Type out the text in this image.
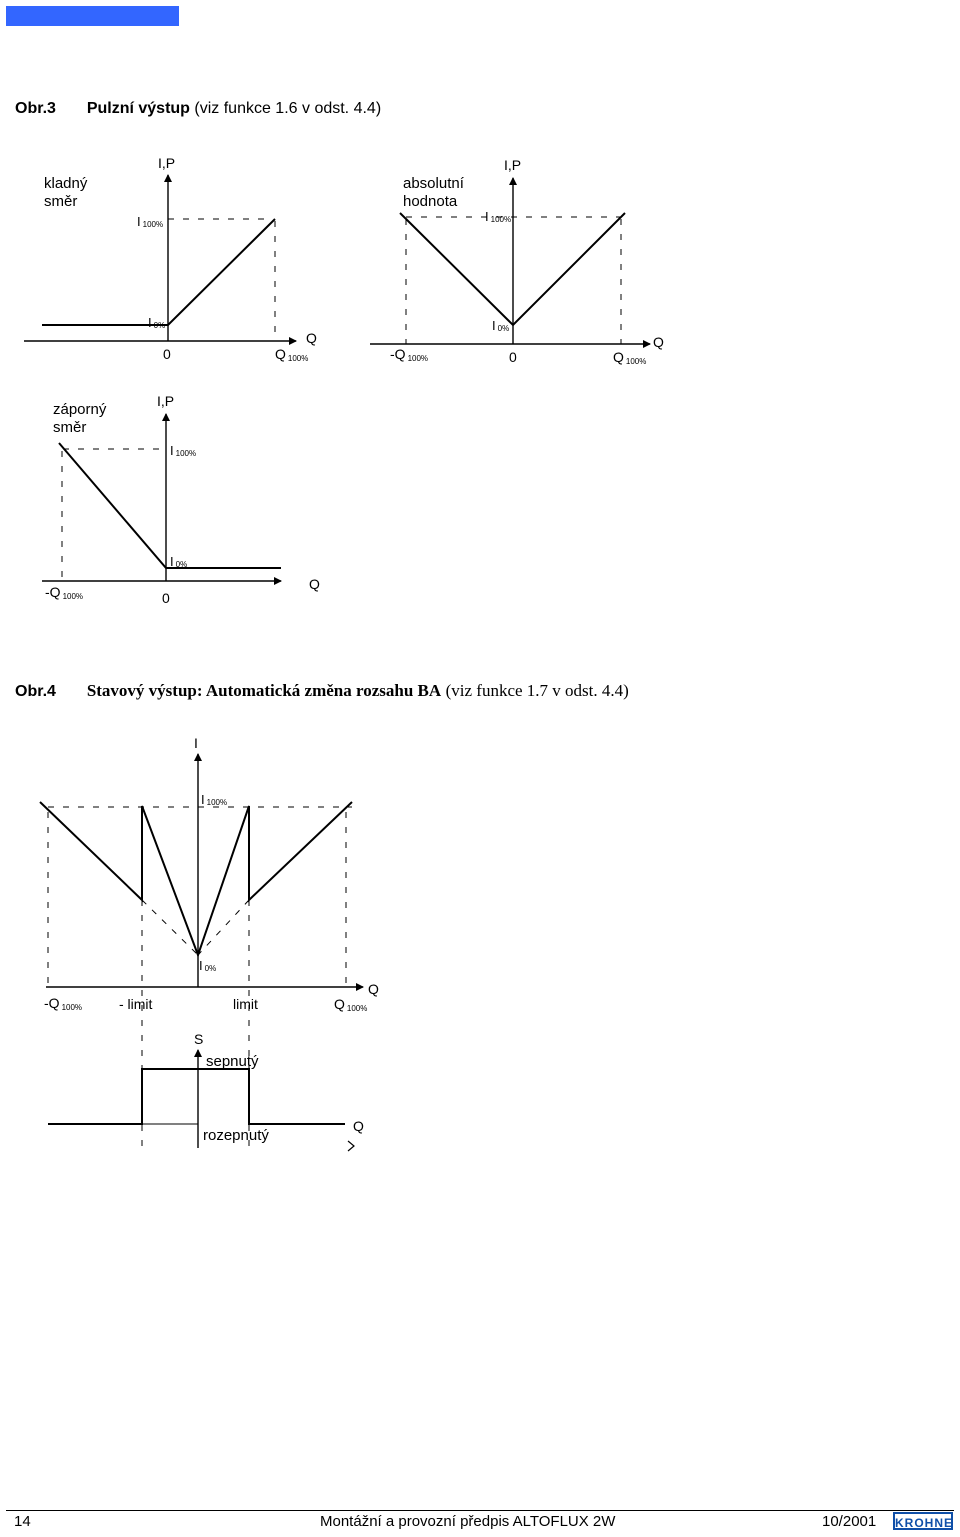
Obr.3 Pulzní výstup (viz funkce 1.6 v odst. 4.4)
Obr.4 Stavový výstup: Automatická změna rozsahu BA (viz funkce 1.7 v odst. 4.4)
kladný
směr
I,P
I 100%
I 0%
0	Q 100%
Q
absolutní
hodnota
I,P
I 100%
I 0%
-Q 100%	0	Q 100%
Q
záporný
směr
I,P
I 100%
I 0%
-Q 100%	0
Q
I
I 100%
I 0%
-Q 100%	- limit	limit	Q 100%
Q
S
sepnutý
rozepnutý
Q
14	Montážní a provozní předpis ALTOFLUX 2W	10/2001 KROHNE
